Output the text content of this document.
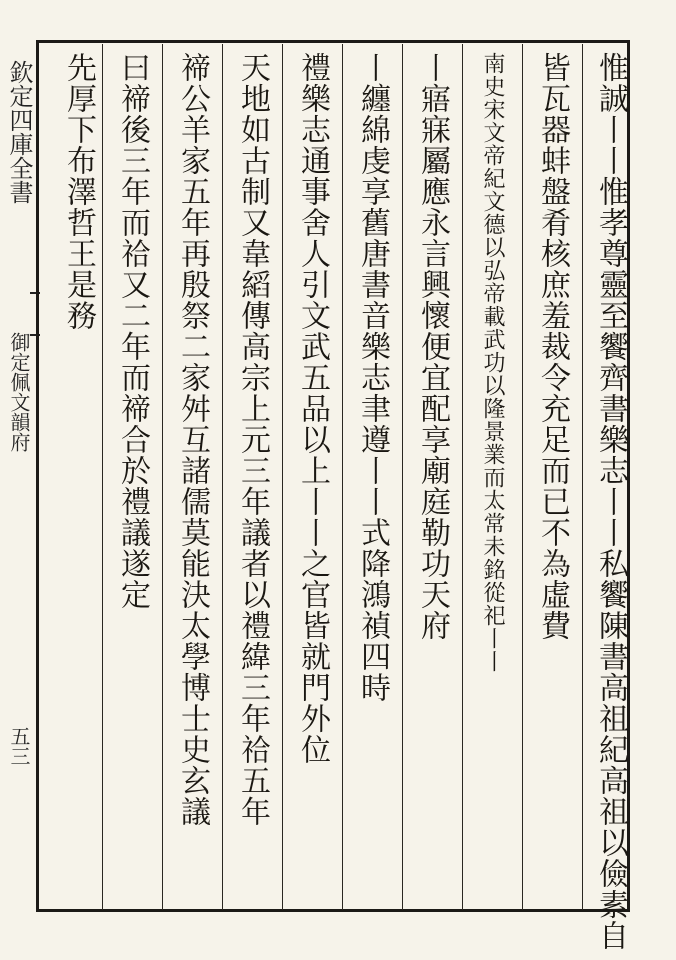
欽定四庫全書
御定佩文韻府
五三	惟誠丨丨惟孝尊靈至饗齊書樂志丨丨私饗陳書高祖紀高祖以儉素自
皆瓦器蚌盤肴核庶羞裁令充足而已不為虛費
南史宋文帝紀文德以弘帝載武功以隆景業而太常未銘從祀丨丨
丨寤寐屬應永言興懷便宜配享廟庭勒功天府
丨纏綿虔享舊唐書音樂志聿遵丨丨式降鴻禎四時
禮樂志通事舍人引文武五品以上丨丨之官皆就門外位
天地如古制又韋縚傳高宗上元三年議者以禮緯三年祫五年
禘公羊家五年再殷祭二家舛互諸儒莫能決太學博士史玄議
曰禘後三年而祫又二年而禘合於禮議遂定
先厚下布澤哲王是務
